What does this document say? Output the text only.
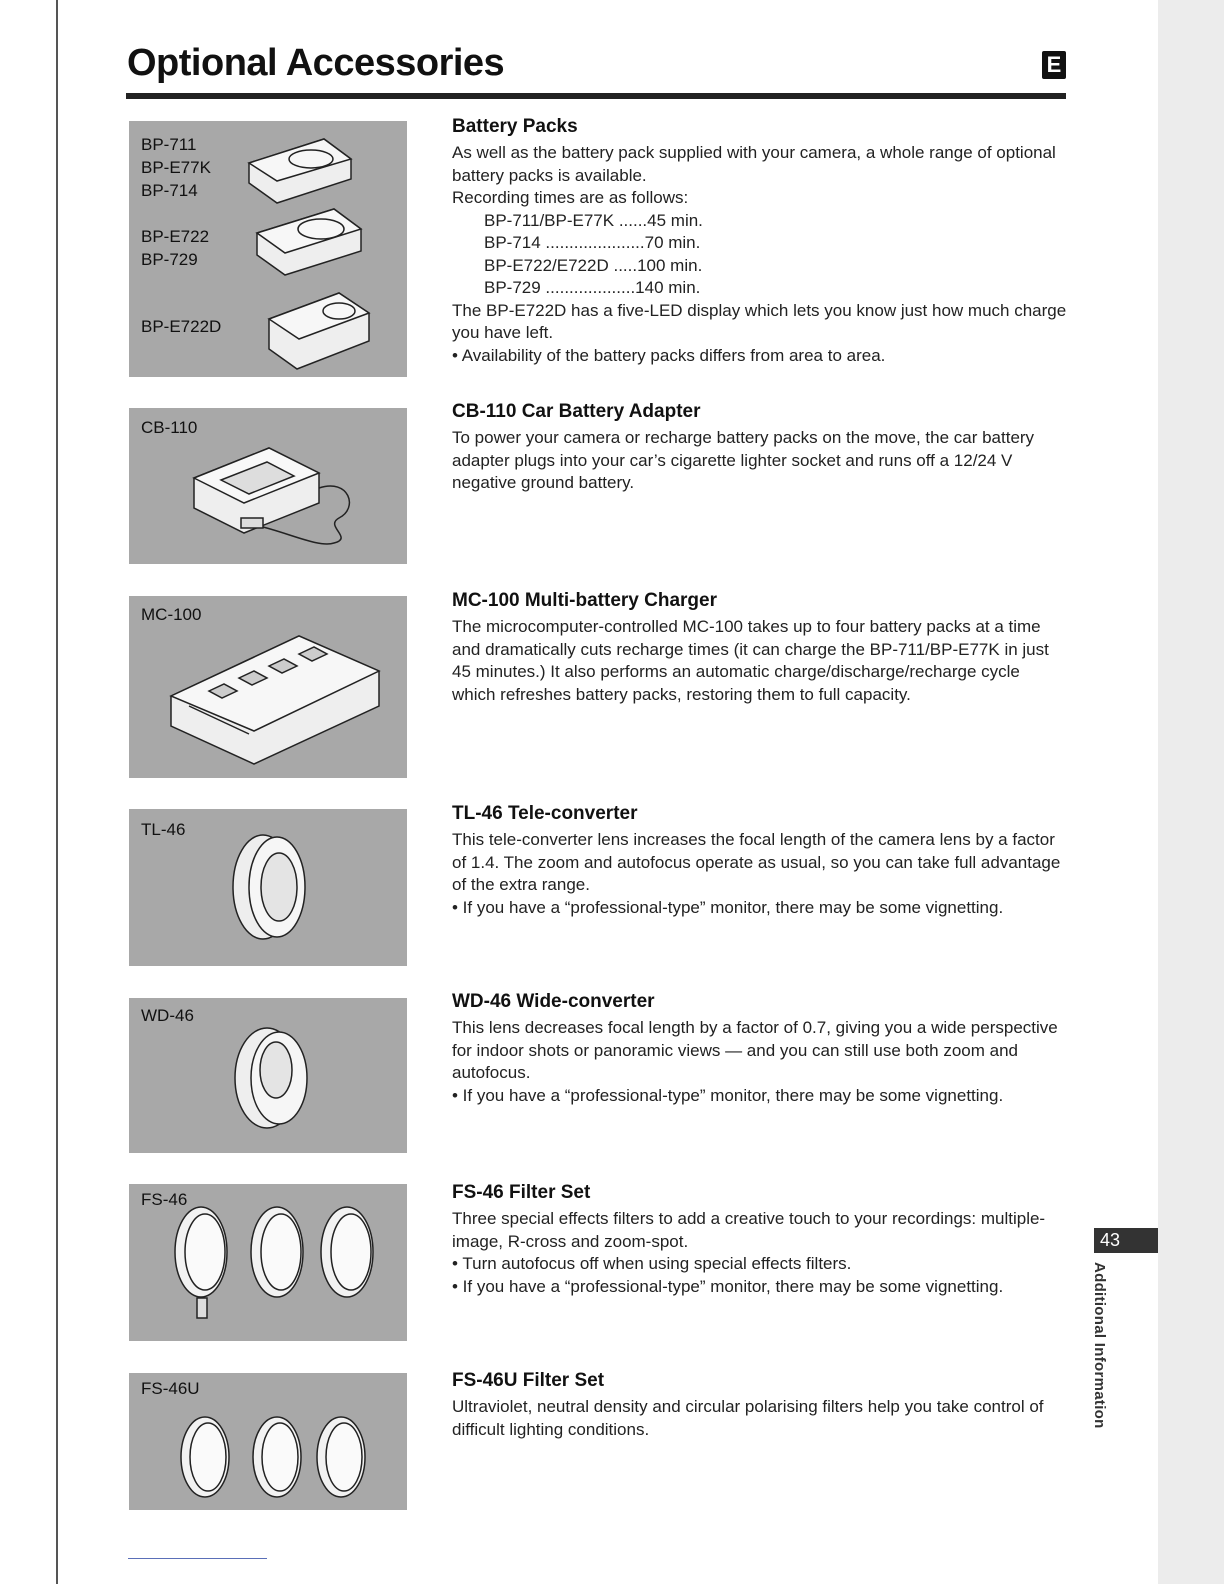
Optional Accessories	E
BP-711
BP-E77K
BP-714
BP-E722
BP-729
BP-E722D
CB-110
MC-100
TL-46
WD-46
FS-46
FS-46U
Battery Packs

As well as the battery pack supplied with your camera, a whole range of optional battery packs is available.

Recording times are as follows:

BP-711/BP-E77K ......45 min.

BP-714 .....................70 min.

BP-E722/E722D .....100 min.

BP-729 ...................140 min.

The BP-E722D has a five-LED display which lets you know just how much charge you have left.

• Availability of the battery packs differs from area to area.

CB-110 Car Battery Adapter

To power your camera or recharge battery packs on the move, the car battery adapter plugs into your car’s cigarette lighter socket and runs off a 12/24 V negative ground battery.

MC-100 Multi-battery Charger

The microcomputer-controlled MC-100 takes up to four battery packs at a time and dramatically cuts recharge times (it can charge the BP-711/BP-E77K in just 45 minutes.) It also performs an automatic charge/discharge/recharge cycle which refreshes battery packs, restoring them to full capacity.

TL-46 Tele-converter

This tele-converter lens increases the focal length of the camera lens by a factor of 1.4. The zoom and autofocus operate as usual, so you can take full advantage of the extra range.

• If you have a “professional-type” monitor, there may be some vignetting.

WD-46 Wide-converter

This lens decreases focal length by a factor of 0.7, giving you a wide perspective for indoor shots or panoramic views — and you can still use both zoom and autofocus.

• If you have a “professional-type” monitor, there may be some vignetting.

FS-46 Filter Set

Three special effects filters to add a creative touch to your recordings: multiple-image, R-cross and zoom-spot.

• Turn autofocus off when using special effects filters.

• If you have a “professional-type” monitor, there may be some vignetting.

FS-46U Filter Set

Ultraviolet, neutral density and circular polarising filters help you take control of difficult lighting conditions.

43
Additional Information
